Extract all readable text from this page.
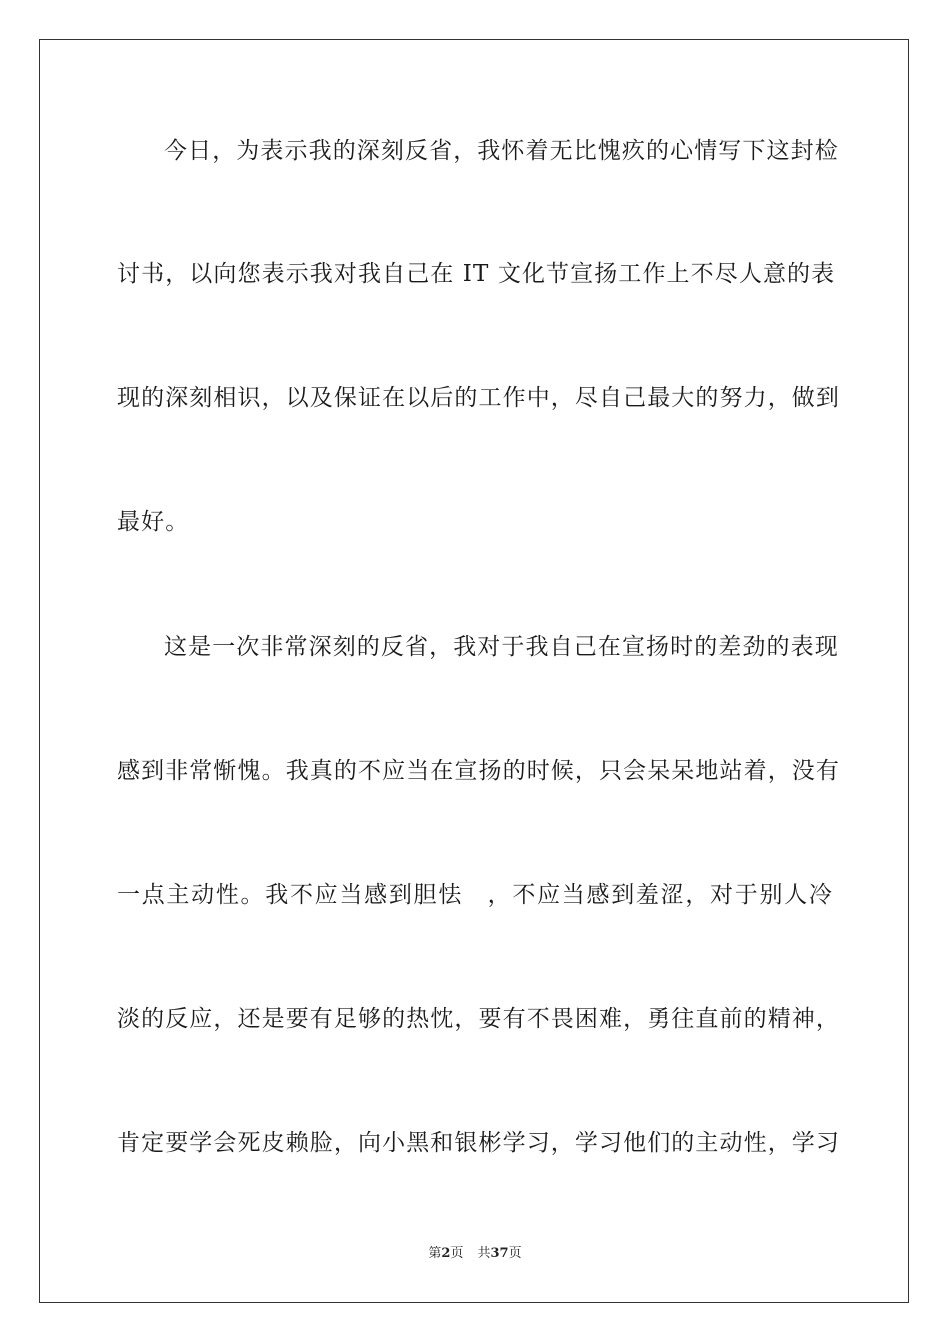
今日，为表示我的深刻反省，我怀着无比愧疚的心情写下这封检
讨书，以向您表示我对我自己在 IT 文化节宣扬工作上不尽人意的表
现的深刻相识，以及保证在以后的工作中，尽自己最大的努力，做到
最好。
这是一次非常深刻的反省，我对于我自己在宣扬时的差劲的表现
感到非常惭愧。我真的不应当在宣扬的时候，只会呆呆地站着，没有
一点主动性。我不应当感到胆怯　，不应当感到羞涩，对于别人冷
淡的反应，还是要有足够的热忱，要有不畏困难，勇往直前的精神，
肯定要学会死皮赖脸，向小黑和银彬学习，学习他们的主动性，学习
第2页 共37页
